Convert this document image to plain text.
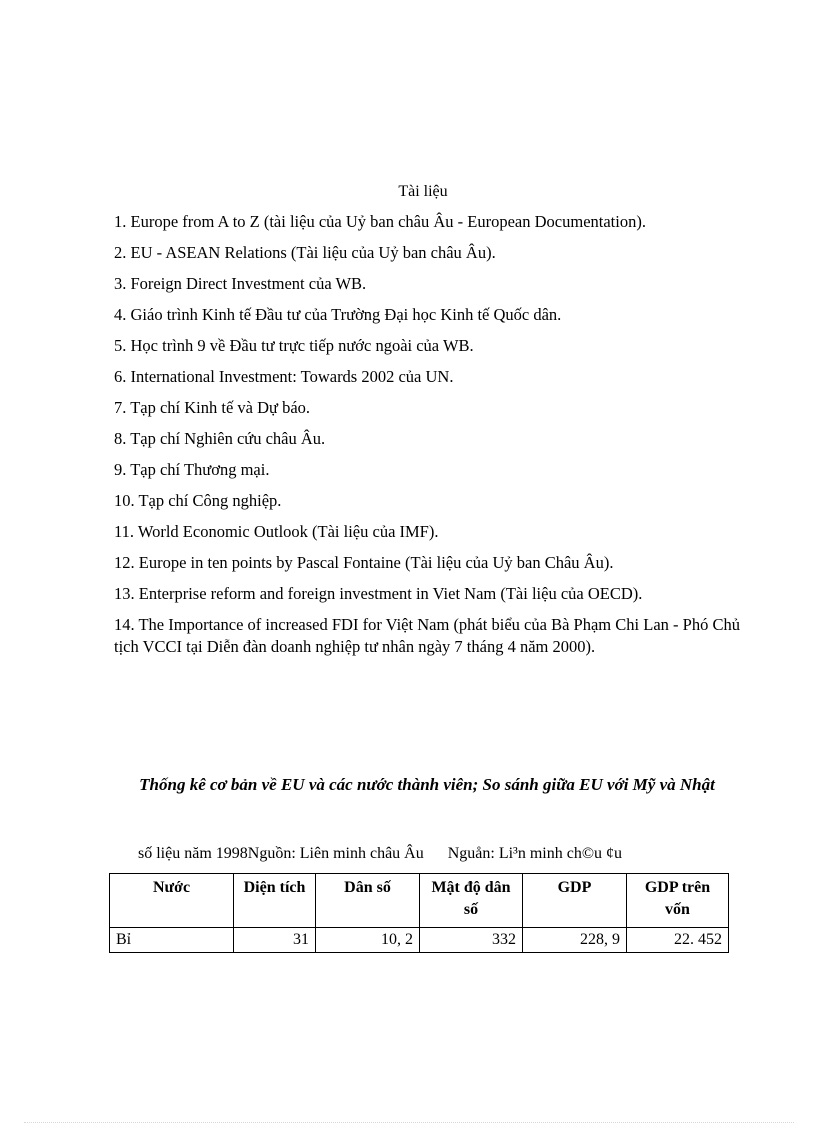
Tài liệu

1. Europe from A to Z (tài liệu của Uỷ ban châu Âu - European Documentation).

2. EU - ASEAN Relations (Tài liệu của Uỷ ban châu Âu).

3. Foreign Direct Investment của WB.

4. Giáo trình Kinh tế Đầu tư của Trường Đại học Kinh tế Quốc dân.

5. Học trình 9 về Đầu tư trực tiếp nước ngoài của WB.

6. International Investment: Towards 2002 của UN.

7. Tạp chí Kinh tế và Dự báo.

8. Tạp chí Nghiên cứu châu Âu.

9. Tạp chí Thương mại.

10. Tạp chí Công nghiệp.

11. World Economic Outlook (Tài liệu của IMF).

12. Europe in ten points by Pascal Fontaine (Tài liệu của Uỷ ban Châu Âu).

13. Enterprise reform and foreign investment in Viet Nam (Tài liệu của OECD).

14. The Importance of increased FDI for Việt Nam (phát biểu của Bà Phạm Chi Lan - Phó Chủ tịch VCCI tại Diễn đàn doanh nghiệp tư nhân ngày 7 tháng 4 năm 2000).

Thống kê cơ bản về EU và các nước thành viên; So sánh giữa EU với Mỹ và Nhật
số liệu năm 1998Nguồn: Liên minh châu Âu Nguån: Li³n minh ch©u ¢u
Nước	Diện tích	Dân số	Mật độ dân số	GDP	GDP trên vốn
Bỉ	31	10, 2	332	228, 9	22. 452
